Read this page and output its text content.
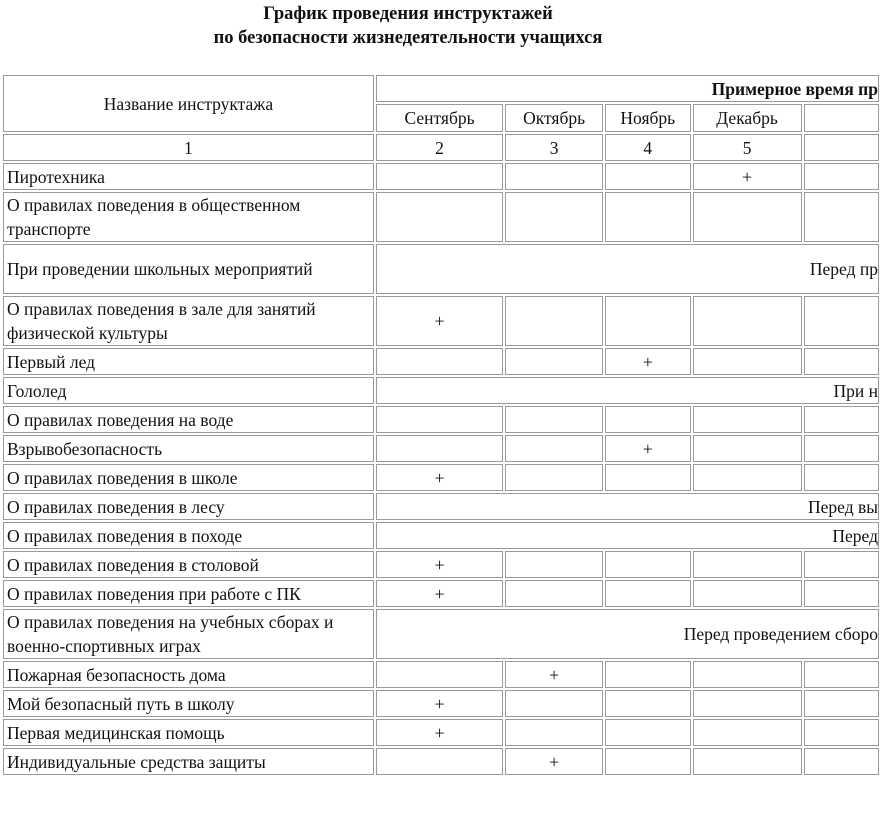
График проведения инструктажей
по безопасности жизнедеятельности учащихся
Название инструктажа	Примерное время пр				
	Сентябрь	Октябрь	Ноябрь	Декабрь	
1	2	3	4	5	
Пиротехника				+	
О правилах поведения в общественном транспорте					
При проведении школьных мероприятий	Перед пр				
О правилах поведения в зале для занятий физической культуры	+				
Первый лед			+		
Гололед	При н				
О правилах поведения на воде					
Взрывобезопасность			+		
О правилах поведения в школе	+				
О правилах поведения в лесу	Перед вы				
О правилах поведения в походе	Перед				
О правилах поведения в столовой	+				
О правилах поведения при работе с ПК	+				
О правилах поведения на учебных сборах и военно-спортивных играх	Перед проведением сборо				
Пожарная безопасность дома		+			
Мой безопасный путь в школу	+				
Первая медицинская помощь	+				
Индивидуальные средства защиты		+			
